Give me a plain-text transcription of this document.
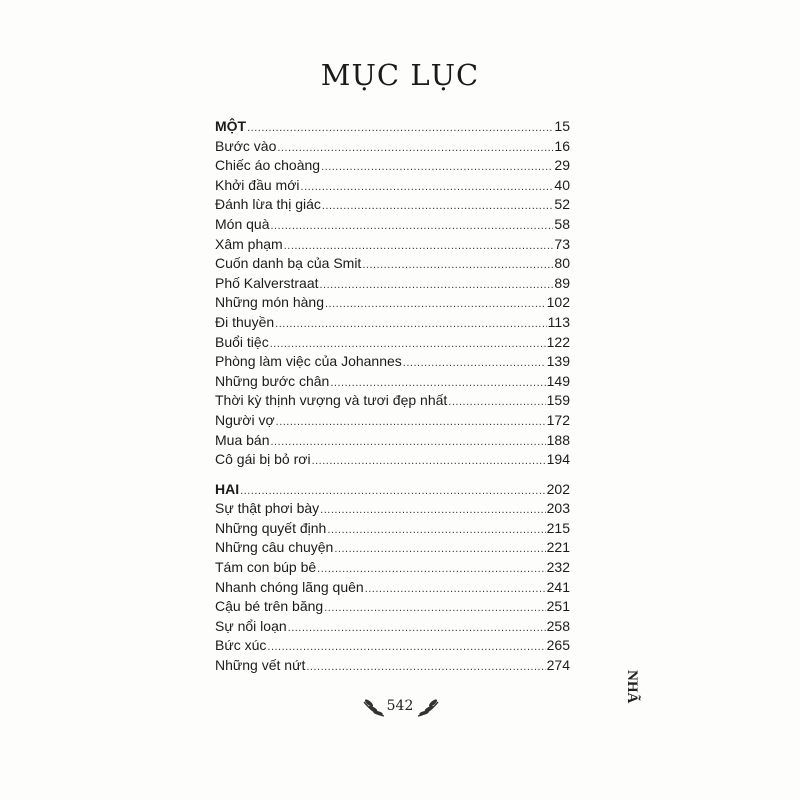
MỤC LỤC
MỘT .....	15
Bước vào .....	16
Chiếc áo choàng .....	29
Khởi đầu mới .....	40
Đánh lừa thị giác .....	52
Món quà .....	58
Xâm phạm .....	73
Cuốn danh bạ của Smit .....	80
Phố Kalverstraat .....	89
Những món hàng .....	102
Đi thuyền .....	113
Buổi tiệc .....	122
Phòng làm việc của Johannes .....	139
Những bước chân .....	149
Thời kỳ thịnh vượng và tươi đẹp nhất .....	159
Người vợ .....	172
Mua bán .....	188
Cô gái bị bỏ rơi .....	194
HAI .....	202
Sự thật phơi bày .....	203
Những quyết định .....	215
Những câu chuyện .....	221
Tám con búp bê .....	232
Nhanh chóng lãng quên .....	241
Cậu bé trên băng .....	251
Sự nổi loạn .....	258
Bức xúc .....	265
Những vết nứt .....	274
542
NHÃ
